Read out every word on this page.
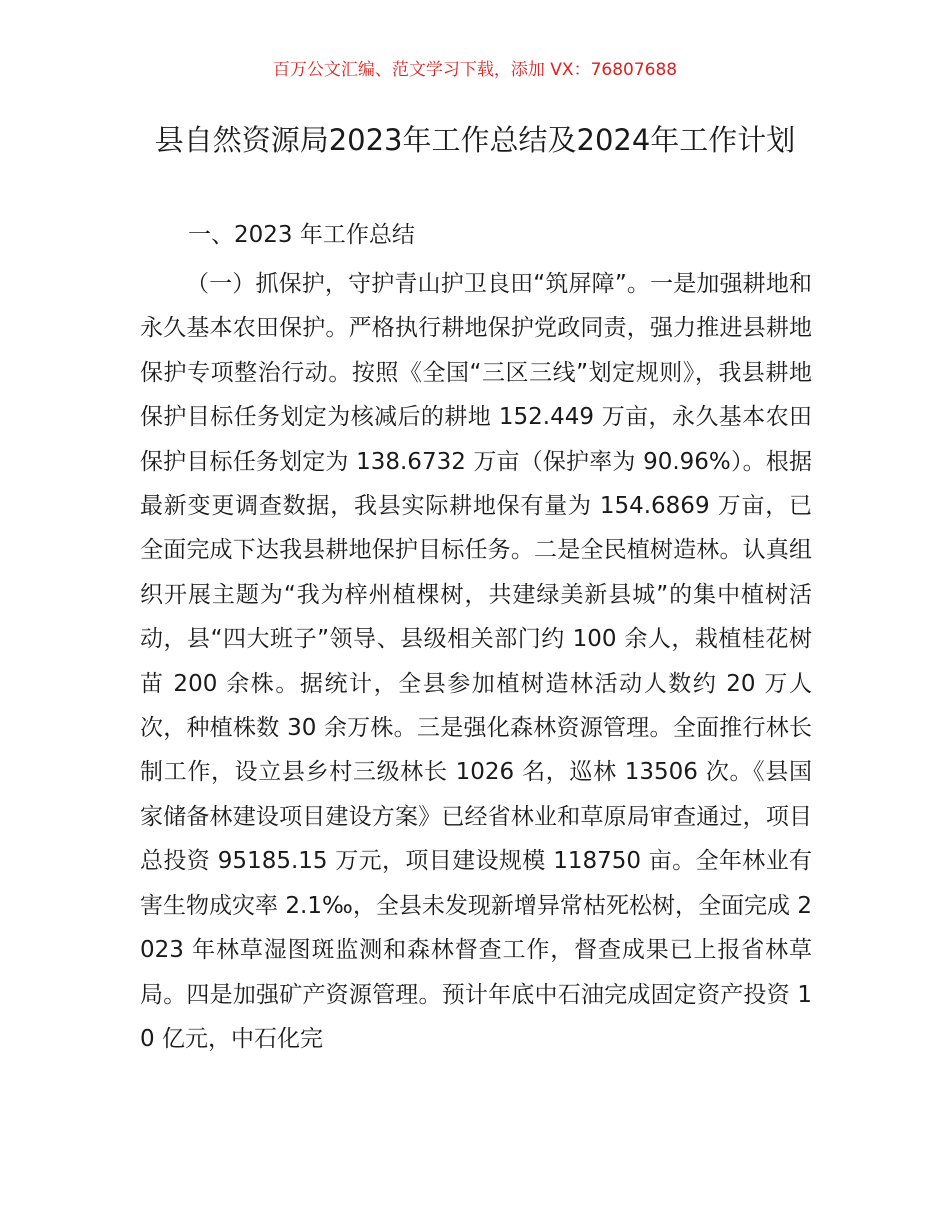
百万公文汇编、范文学习下载，添加 VX：76807688
县自然资源局2023年工作总结及2024年工作计划
一、2023 年工作总结

（一）抓保护，守护青山护卫良田“筑屏障”。一是加强耕地和永久基本农田保护。严格执行耕地保护党政同责，强力推进县耕地保护专项整治行动。按照《全国“三区三线”划定规则》，我县耕地保护目标任务划定为核减后的耕地 152.449 万亩，永久基本农田保护目标任务划定为 138.6732 万亩（保护率为 90.96%）。根据最新变更调查数据，我县实际耕地保有量为 154.6869 万亩，已全面完成下达我县耕地保护目标任务。二是全民植树造林。认真组织开展主题为“我为梓州植棵树，共建绿美新县城”的集中植树活动，县“四大班子”领导、县级相关部门约 100 余人，栽植桂花树苗 200 余株。据统计，全县参加植树造林活动人数约 20 万人次，种植株数 30 余万株。三是强化森林资源管理。全面推行林长制工作，设立县乡村三级林长 1026 名，巡林 13506 次。《县国家储备林建设项目建设方案》已经省林业和草原局审查通过，项目总投资 95185.15 万元，项目建设规模 118750 亩。全年林业有害生物成灾率 2.1‰，全县未发现新增异常枯死松树，全面完成 2023 年林草湿图斑监测和森林督查工作，督查成果已上报省林草局。四是加强矿产资源管理。预计年底中石油完成固定资产投资 10 亿元，中石化完
